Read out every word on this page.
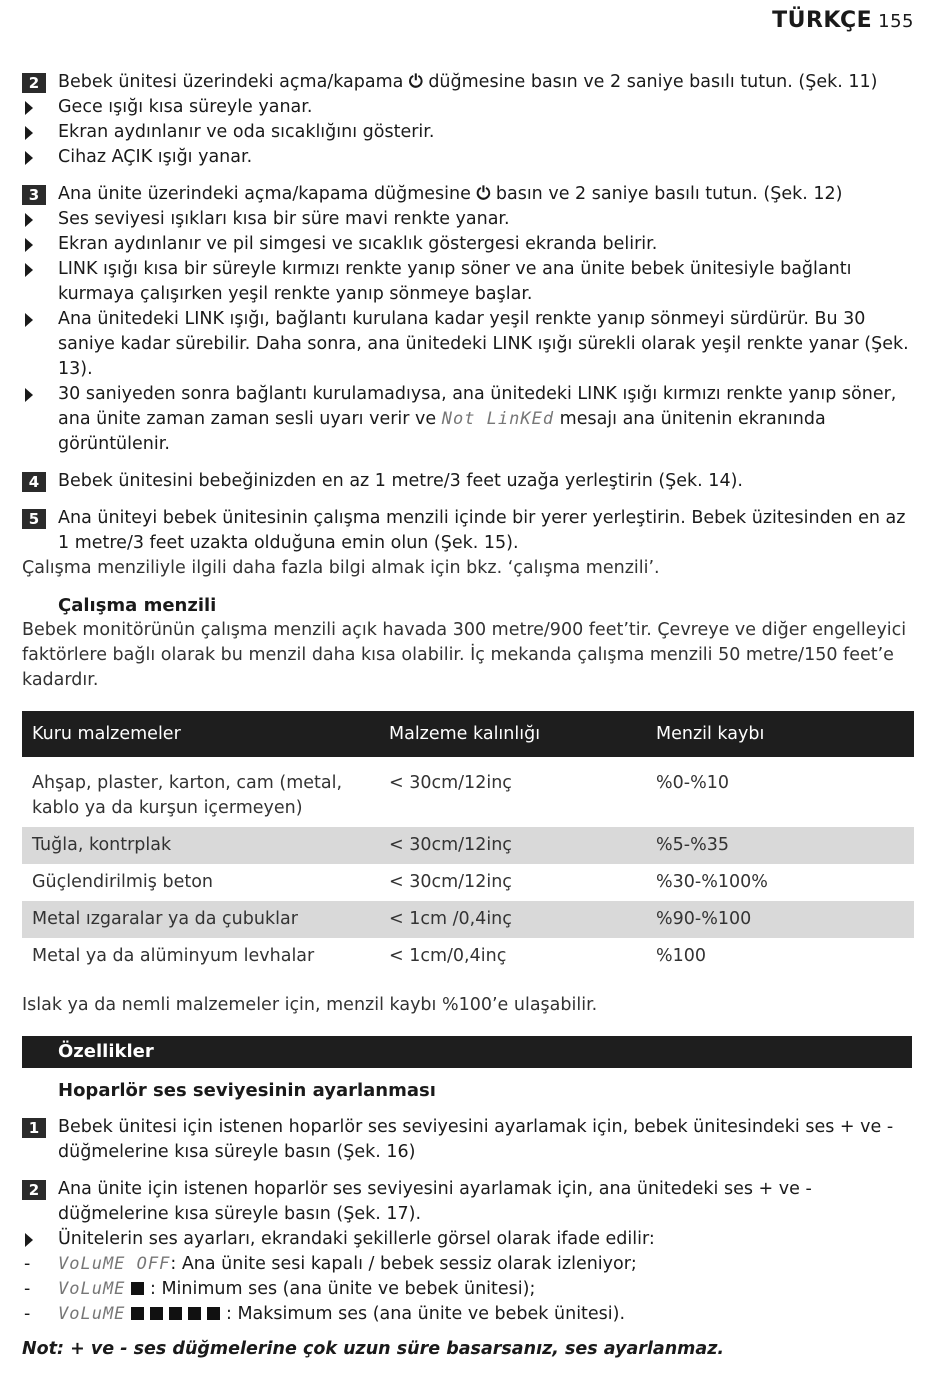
TÜRKÇE 155
2	Bebek ünitesi üzerindeki açma/kapama ⏻ düğmesine basın ve 2 saniye basılı tutun. (Şek. 11)
Gece ışığı kısa süreyle yanar.
Ekran aydınlanır ve oda sıcaklığını gösterir.
Cihaz AÇIK ışığı yanar.
3	Ana ünite üzerindeki açma/kapama düğmesine ⏻ basın ve 2 saniye basılı tutun. (Şek. 12)
Ses seviyesi ışıkları kısa bir süre mavi renkte yanar.
Ekran aydınlanır ve pil simgesi ve sıcaklık göstergesi ekranda belirir.
LINK ışığı kısa bir süreyle kırmızı renkte yanıp söner ve ana ünite bebek ünitesiyle bağlantı kurmaya çalışırken yeşil renkte yanıp sönmeye başlar.
Ana ünitedeki LINK ışığı, bağlantı kurulana kadar yeşil renkte yanıp sönmeyi sürdürür. Bu 30 saniye kadar sürebilir. Daha sonra, ana ünitedeki LINK ışığı sürekli olarak yeşil renkte yanar (Şek. 13).
30 saniyeden sonra bağlantı kurulamadıysa, ana ünitedeki LINK ışığı kırmızı renkte yanıp söner, ana ünite zaman zaman sesli uyarı verir ve Not LinKEd mesajı ana ünitenin ekranında görüntülenir.
4	Bebek ünitesini bebeğinizden en az 1 metre/3 feet uzağa yerleştirin (Şek. 14).
5	Ana üniteyi bebek ünitesinin çalışma menzili içinde bir yerer yerleştirin. Bebek üzitesinden en az 1 metre/3 feet uzakta olduğuna emin olun (Şek. 15).
Çalışma menziliyle ilgili daha fazla bilgi almak için bkz. ‘çalışma menzili’.
Çalışma menzili
Bebek monitörünün çalışma menzili açık havada 300 metre/900 feet’tir. Çevreye ve diğer engelleyici faktörlere bağlı olarak bu menzil daha kısa olabilir. İç mekanda çalışma menzili 50 metre/150 feet’e kadardır.
Kuru malzemeler	Malzeme kalınlığı	Menzil kaybı
Ahşap, plaster, karton, cam (metal, kablo ya da kurşun içermeyen)	< 30cm/12inç	%0-%10
Tuğla, kontrplak	< 30cm/12inç	%5-%35
Güçlendirilmiş beton	< 30cm/12inç	%30-%100%
Metal ızgaralar ya da çubuklar	< 1cm /0,4inç	%90-%100
Metal ya da alüminyum levhalar	< 1cm/0,4inç	%100
Islak ya da nemli malzemeler için, menzil kaybı %100’e ulaşabilir.
Özellikler
Hoparlör ses seviyesinin ayarlanması
1	Bebek ünitesi için istenen hoparlör ses seviyesini ayarlamak için, bebek ünitesindeki ses + ve - düğmelerine kısa süreyle basın (Şek. 16)
2	Ana ünite için istenen hoparlör ses seviyesini ayarlamak için, ana ünitedeki ses + ve - düğmelerine kısa süreyle basın (Şek. 17).
Ünitelerin ses ayarları, ekrandaki şekillerle görsel olarak ifade edilir:
- VoLuME OFF: Ana ünite sesi kapalı / bebek sessiz olarak izleniyor;
- VoLuME : Minimum ses (ana ünite ve bebek ünitesi);
- VoLuME	: Maksimum ses (ana ünite ve bebek ünitesi).
Not: + ve - ses düğmelerine çok uzun süre basarsanız, ses ayarlanmaz.
